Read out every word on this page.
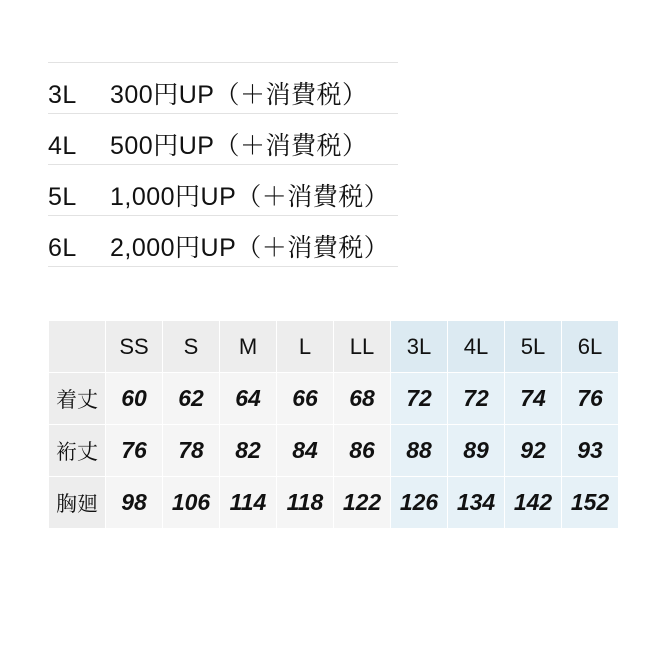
3L	300円UP（＋消費税）
4L	500円UP（＋消費税）
5L	1,000円UP（＋消費税）
6L	2,000円UP（＋消費税）
	SS	S	M	L	LL	3L	4L	5L	6L
着丈	60	62	64	66	68	72	72	74	76
裄丈	76	78	82	84	86	88	89	92	93
胸廻	98	106	114	118	122	126	134	142	152
